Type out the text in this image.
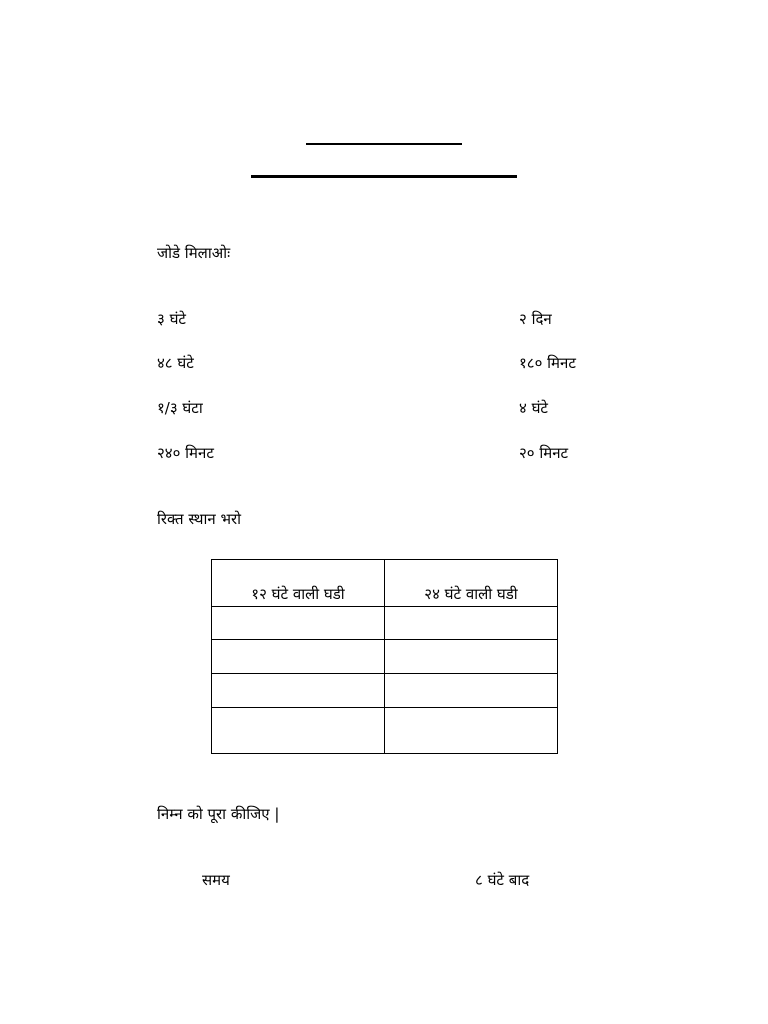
जोडे मिलाओः
३ घंटे	२ दिन
४८ घंटे	१८० मिनट
१/३ घंटा	४ घंटे
२४० मिनट	२० मिनट
रिक्त स्थान भरो
१२ घंटे वाली घडी	२४ घंटे वाली घडी

निम्न को पूरा कीजिए |
समय	८ घंटे बाद
